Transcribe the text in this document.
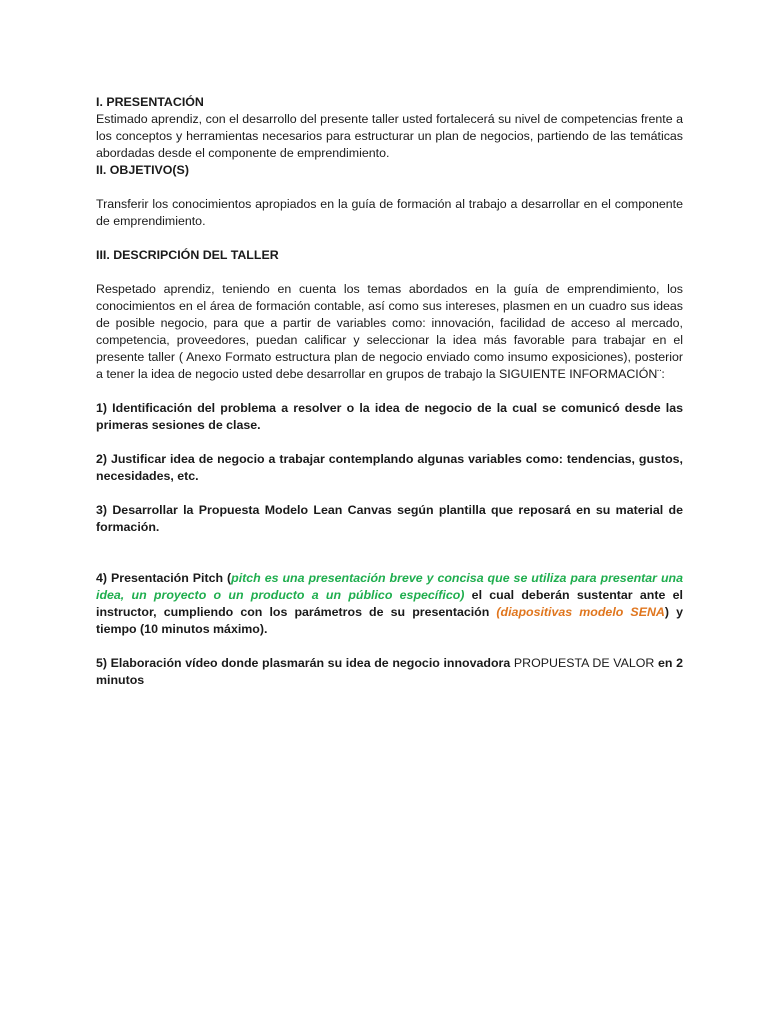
I. PRESENTACIÓN

Estimado aprendiz, con el desarrollo del presente taller usted fortalecerá su nivel de competencias frente a los conceptos y herramientas necesarios para estructurar un plan de negocios, partiendo de las temáticas abordadas desde el componente de emprendimiento.

II. OBJETIVO(S)

Transferir los conocimientos apropiados en la guía de formación al trabajo a desarrollar en el componente de emprendimiento.

III. DESCRIPCIÓN DEL TALLER

Respetado aprendiz, teniendo en cuenta los temas abordados en la guía de emprendimiento, los conocimientos en el área de formación contable, así como sus intereses, plasmen en un cuadro sus ideas de posible negocio, para que a partir de variables como: innovación, facilidad de acceso al mercado, competencia, proveedores, puedan calificar y seleccionar la idea más favorable para trabajar en el presente taller ( Anexo Formato estructura plan de negocio enviado como insumo exposiciones), posterior a tener la idea de negocio usted debe desarrollar en grupos de trabajo la SIGUIENTE INFORMACIÓN¨:

1) Identificación del problema a resolver o la idea de negocio de la cual se comunicó desde las primeras sesiones de clase.

2) Justificar idea de negocio a trabajar contemplando algunas variables como: tendencias, gustos, necesidades, etc.

3) Desarrollar la Propuesta Modelo Lean Canvas según plantilla que reposará en su material de formación.

4) Presentación Pitch (pitch es una presentación breve y concisa que se utiliza para presentar una idea, un proyecto o un producto a un público específico) el cual deberán sustentar ante el instructor, cumpliendo con los parámetros de su presentación (diapositivas modelo SENA) y tiempo (10 minutos máximo).

5) Elaboración vídeo donde plasmarán su idea de negocio innovadora PROPUESTA DE VALOR en 2 minutos
